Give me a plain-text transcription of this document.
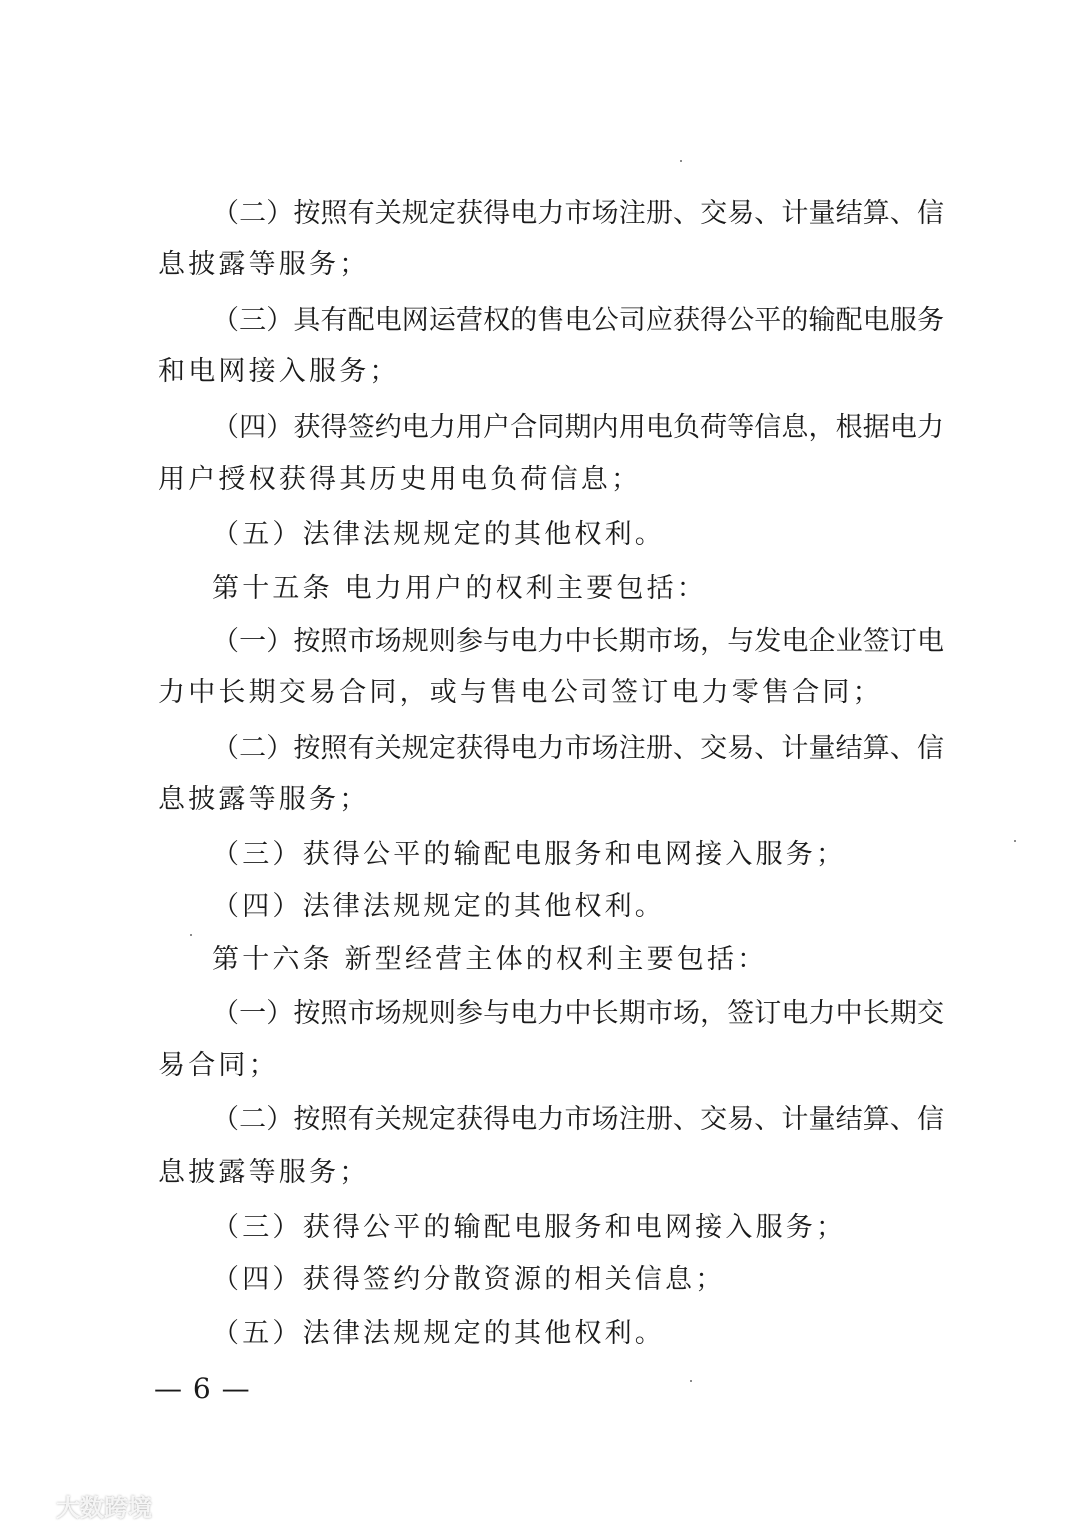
（二）按照有关规定获得电力市场注册、交易、计量结算、信
息披露等服务；
（三）具有配电网运营权的售电公司应获得公平的输配电服务
和电网接入服务；
（四）获得签约电力用户合同期内用电负荷等信息，根据电力
用户授权获得其历史用电负荷信息；
（五）法律法规规定的其他权利。
第十五条 电力用户的权利主要包括：
（一）按照市场规则参与电力中长期市场，与发电企业签订电
力中长期交易合同，或与售电公司签订电力零售合同；
（二）按照有关规定获得电力市场注册、交易、计量结算、信
息披露等服务；
（三）获得公平的输配电服务和电网接入服务；
（四）法律法规规定的其他权利。
第十六条 新型经营主体的权利主要包括：
（一）按照市场规则参与电力中长期市场，签订电力中长期交
易合同；
（二）按照有关规定获得电力市场注册、交易、计量结算、信
息披露等服务；
（三）获得公平的输配电服务和电网接入服务；
（四）获得签约分散资源的相关信息；
（五）法律法规规定的其他权利。
— 6 —
大数跨境
